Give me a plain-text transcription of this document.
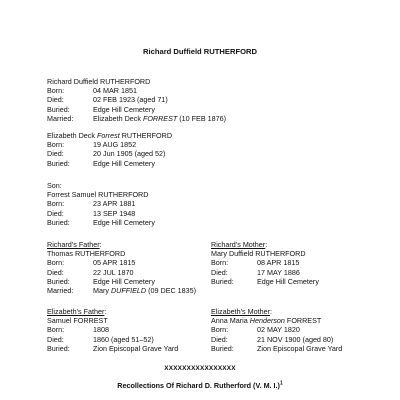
Richard Duffield RUTHERFORD
Richard Duffield RUTHERFORD
Born:	04 MAR 1851
Died:	02 FEB 1923 (aged 71)
Buried:	Edge Hill Cemetery
Married:	Elizabeth Deck FORREST (10 FEB 1876)
Elizabeth Deck Forrest RUTHERFORD
Born:	19 AUG 1852
Died:	20 Jun 1905 (aged 52)
Buried:	Edge Hill Cemetery
Son:
Forrest Samuel RUTHERFORD
Born:	23 APR 1881
Died:	13 SEP 1948
Buried:	Edge Hill Cemetery
Richard’s Father:
Thomas RUTHERFORD
Born:	05 APR 1815
Died:	22 JUL 1870
Buried:	Edge Hill Cemetery
Married:	Mary DUFFIELD (09 DEC 1835)
Richard’s Mother:
Mary Duffield RUTHERFORD
Born:	08 APR 1815
Died:	17 MAY 1886
Buried:	Edge Hill Cemetery
Elizabeth’s Father:
Samuel FORREST
Born:	1808
Died:	1860 (aged 51–52)
Buried:	Zion Episcopal Grave Yard
Elizabeth’s Mother:
Anna Maria Henderson FORREST
Born:	02 MAY 1820
Died:	21 NOV 1900 (aged 80)
Buried:	Zion Episcopal Grave Yard
XXXXXXXXXXXXXXXX
Recollections Of Richard D. Rutherford (V. M. I.)$^1$
